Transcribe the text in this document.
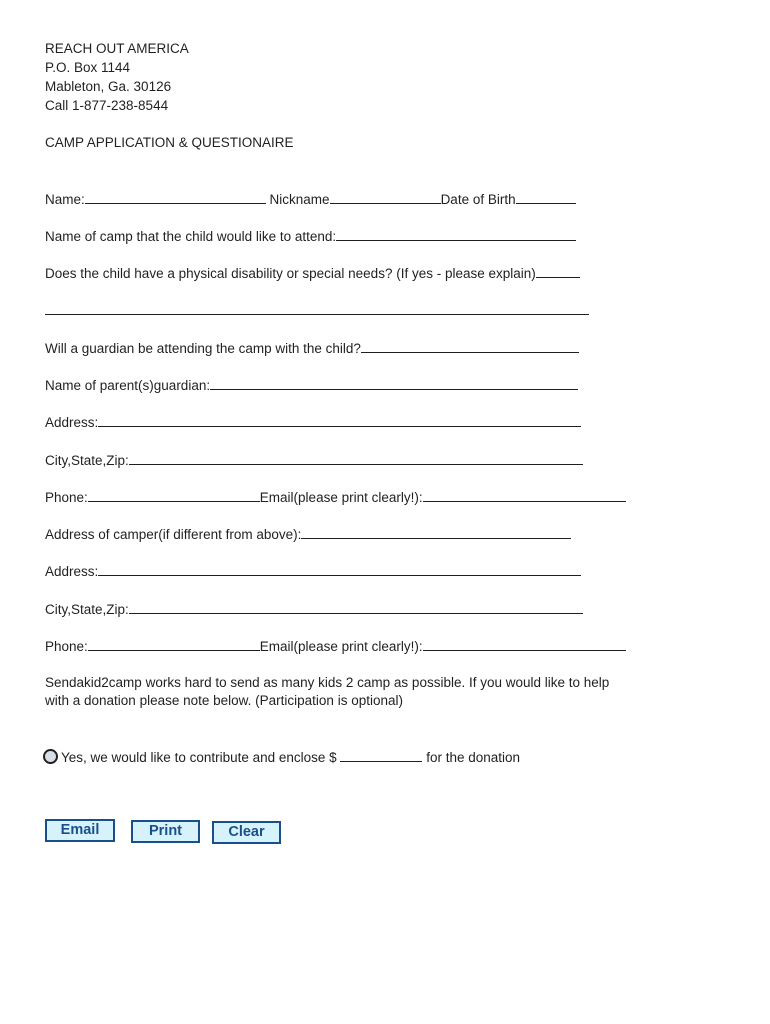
REACH OUT AMERICA
P.O. Box 1144
Mableton, Ga. 30126
Call 1-877-238-8544
CAMP APPLICATION & QUESTIONAIRE
Name:	Nickname	Date of Birth
Name of camp that the child would like to attend:
Does the child have a physical disability or special needs? (If yes - please explain)
Will a guardian be attending the camp with the child?
Name of parent(s)guardian:
Address:
City,State,Zip:
Phone:	Email(please print clearly!):
Address of camper(if different from above):
Address:
City,State,Zip:
Phone:	Email(please print clearly!):
Sendakid2camp works hard to send as many kids 2 camp as possible. If you would like to help
with a donation please note below. (Participation is optional)
Yes, we would like to contribute and enclose $	for the donation
Email	Print	Clear
